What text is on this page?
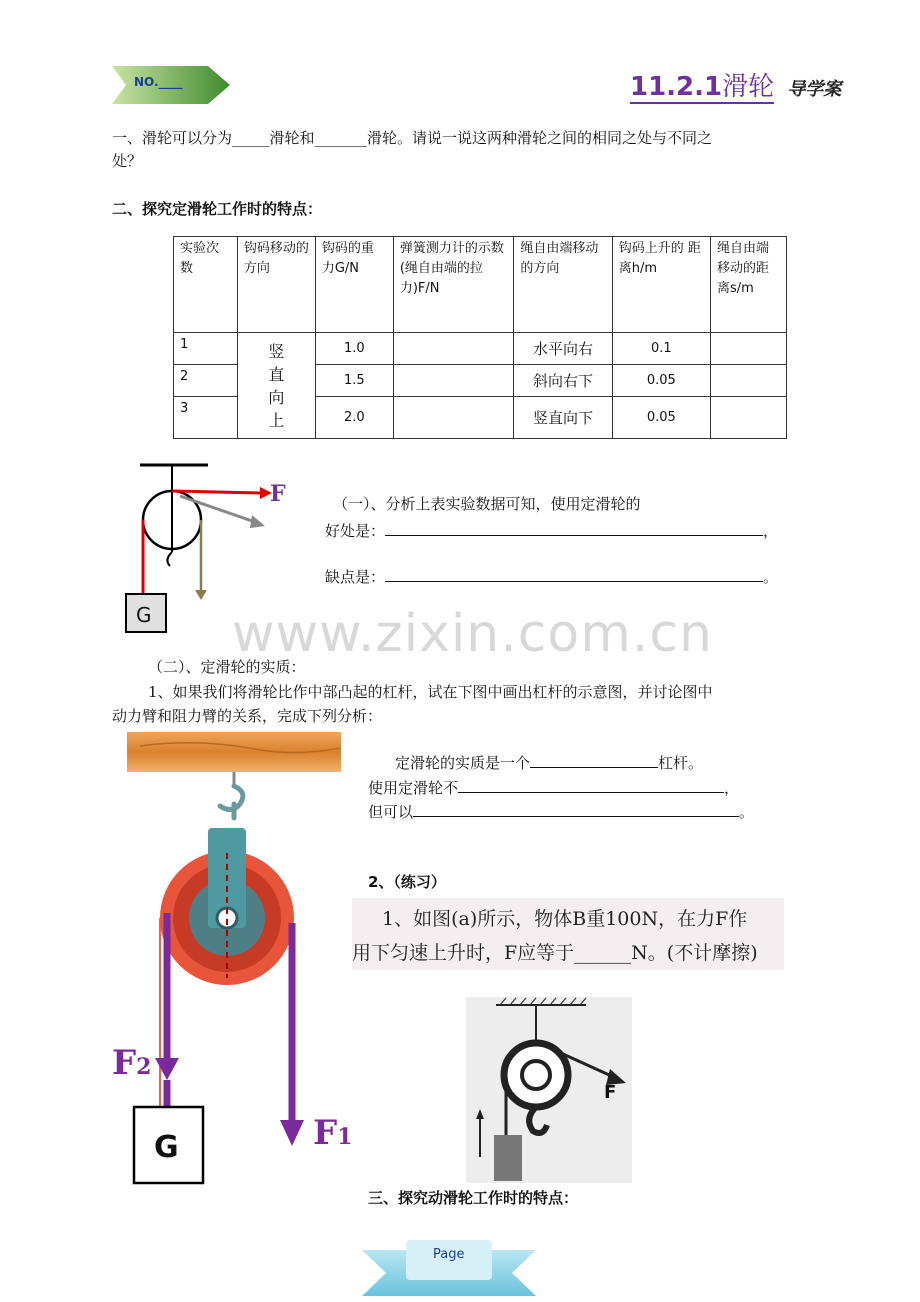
NO.____	11.2.1滑轮 导学案
一、滑轮可以分为_____滑轮和_______滑轮。请说一说这两种滑轮之间的相同之处与不同之
处？
二、探究定滑轮工作时的特点：
实验次数	钩码移动的方向	钩码的重　力G/N	弹簧测力计的示数(绳自由端的拉力)F/N	绳自由端移动的方向	钩码上升的 距 离h/m	绳自由端移动的距离s/m
1	竖
直
向
上	1.0		水平向右	0.1	
2		1.5		斜向右下	0.05	
3		2.0		竖直向下	0.05	
F
G
（一）、分析上表实验数据可知，使用定滑轮的
好处是：	，
缺点是：	。
www.zixin.com.cn
（二）、定滑轮的实质：
1、如果我们将滑轮比作中部凸起的杠杆，试在下图中画出杠杆的示意图，并讨论图中
动力臂和阻力臂的关系，完成下列分析：
F2
F1
G
定滑轮的实质是一个	杠杆。
使用定滑轮不	，
但可以	。
2、（练习）
1、如图(a)所示，物体B重100N，在力F作
用下匀速上升时，F应等于______N。(不计摩擦)
F
三、探究动滑轮工作时的特点：
Page
